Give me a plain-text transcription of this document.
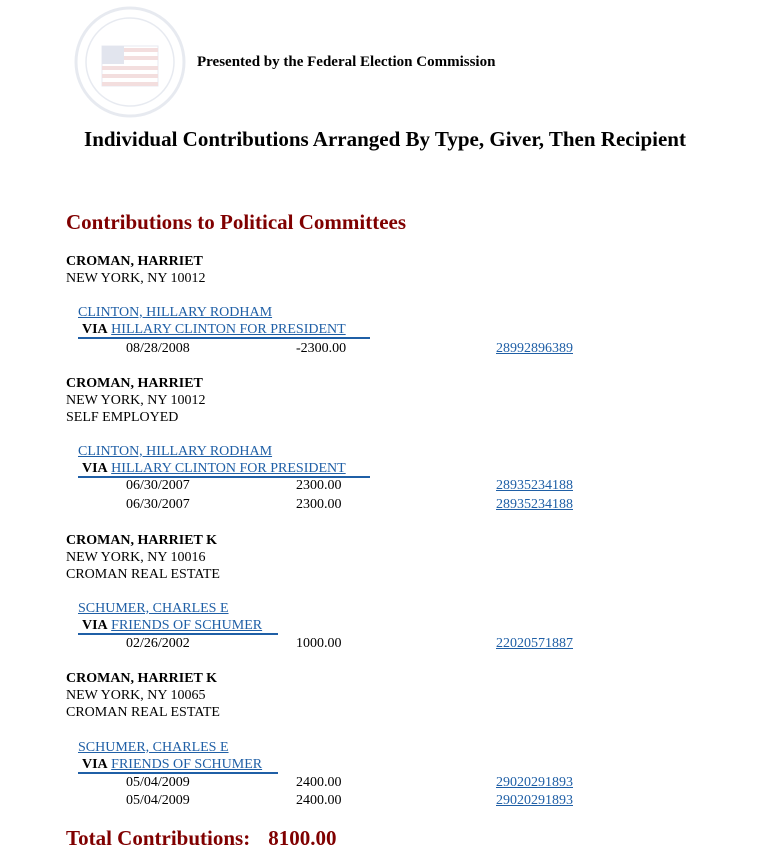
Presented by the Federal Election Commission
Individual Contributions Arranged By Type, Giver, Then Recipient
Contributions to Political Committees
CROMAN, HARRIET
NEW YORK, NY 10012
CLINTON, HILLARY RODHAM
VIA HILLARY CLINTON FOR PRESIDENT
08/28/2008	-2300.00	28992896389
CROMAN, HARRIET
NEW YORK, NY 10012
SELF EMPLOYED
CLINTON, HILLARY RODHAM
VIA HILLARY CLINTON FOR PRESIDENT
06/30/2007	2300.00	28935234188
06/30/2007	2300.00	28935234188
CROMAN, HARRIET K
NEW YORK, NY 10016
CROMAN REAL ESTATE
SCHUMER, CHARLES E
VIA FRIENDS OF SCHUMER
02/26/2002	1000.00	22020571887
CROMAN, HARRIET K
NEW YORK, NY 10065
CROMAN REAL ESTATE
SCHUMER, CHARLES E
VIA FRIENDS OF SCHUMER
05/04/2009	2400.00	29020291893
05/04/2009	2400.00	29020291893
Total Contributions: 8100.00
